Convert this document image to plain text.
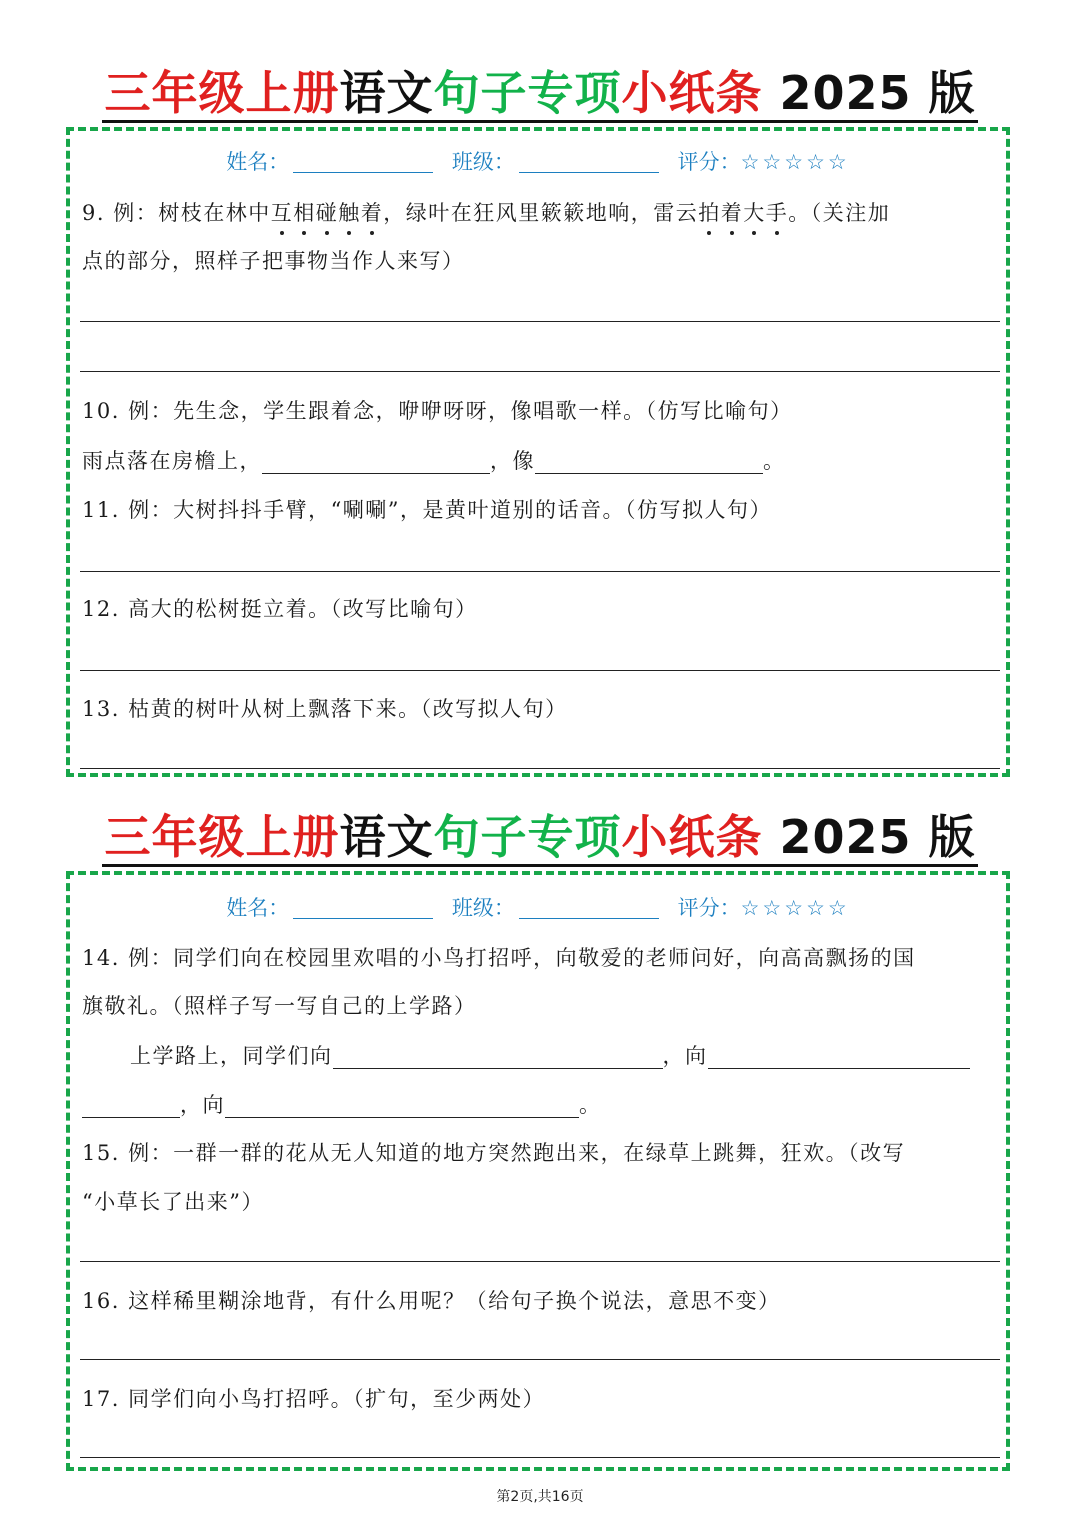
三年级上册语文句子专项小纸条 2025 版
姓名：	班级：	评分：☆☆☆☆☆
9. 例：树枝在林中互相碰触着，绿叶在狂风里簌簌地响，雷云拍着大手。（关注加
点的部分，照样子把事物当作人来写）
10. 例：先生念，学生跟着念，咿咿呀呀，像唱歌一样。（仿写比喻句）
雨点落在房檐上，	，像	。
11. 例：大树抖抖手臂，“唰唰”，是黄叶道别的话音。（仿写拟人句）
12. 高大的松树挺立着。（改写比喻句）
13. 枯黄的树叶从树上飘落下来。（改写拟人句）
三年级上册语文句子专项小纸条 2025 版
姓名：	班级：	评分：☆☆☆☆☆
14. 例：同学们向在校园里欢唱的小鸟打招呼，向敬爱的老师问好，向高高飘扬的国
旗敬礼。（照样子写一写自己的上学路）
上学路上，同学们向	，向
，向	。
15. 例：一群一群的花从无人知道的地方突然跑出来，在绿草上跳舞，狂欢。（改写
“小草长了出来”）
16. 这样稀里糊涂地背，有什么用呢？（给句子换个说法，意思不变）
17. 同学们向小鸟打招呼。（扩句，至少两处）
第2页,共16页
